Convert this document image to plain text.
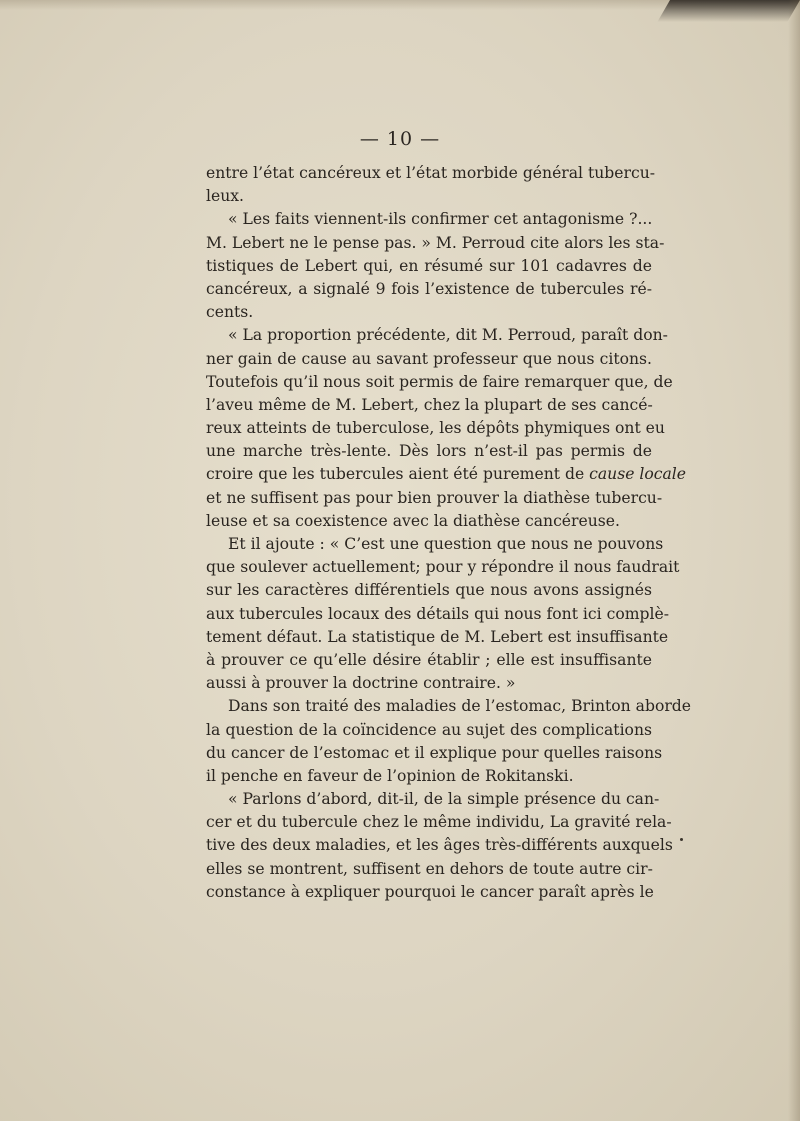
— 10 —
entre l’état cancéreux et l’état morbide général tubercu-
leux.
« Les faits viennent-ils confirmer cet antagonisme ?...
M. Lebert ne le pense pas. » M. Perroud cite alors les sta-
tistiques de Lebert qui, en résumé sur 101 cadavres de
cancéreux, a signalé 9 fois l’existence de tubercules ré-
cents.
« La proportion précédente, dit M. Perroud, paraît don-
ner gain de cause au savant professeur que nous citons.
Toutefois qu’il nous soit permis de faire remarquer que, de
l’aveu même de M. Lebert, chez la plupart de ses cancé-
reux atteints de tuberculose, les dépôts phymiques ont eu
une marche très-lente. Dès lors n’est-il pas permis de
croire que les tubercules aient été purement de cause locale
et ne suffisent pas pour bien prouver la diathèse tubercu-
leuse et sa coexistence avec la diathèse cancéreuse.
Et il ajoute : « C’est une question que nous ne pouvons
que soulever actuellement; pour y répondre il nous faudrait
sur les caractères différentiels que nous avons assignés
aux tubercules locaux des détails qui nous font ici complè-
tement défaut. La statistique de M. Lebert est insuffisante
à prouver ce qu’elle désire établir ; elle est insuffisante
aussi à prouver la doctrine contraire. »
Dans son traité des maladies de l’estomac, Brinton aborde
la question de la coïncidence au sujet des complications
du cancer de l’estomac et il explique pour quelles raisons
il penche en faveur de l’opinion de Rokitanski.
« Parlons d’abord, dit-il, de la simple présence du can-
cer et du tubercule chez le même individu, La gravité rela-
tive des deux maladies, et les âges très-différents auxquels
elles se montrent, suffisent en dehors de toute autre cir-
constance à expliquer pourquoi le cancer paraît après le
